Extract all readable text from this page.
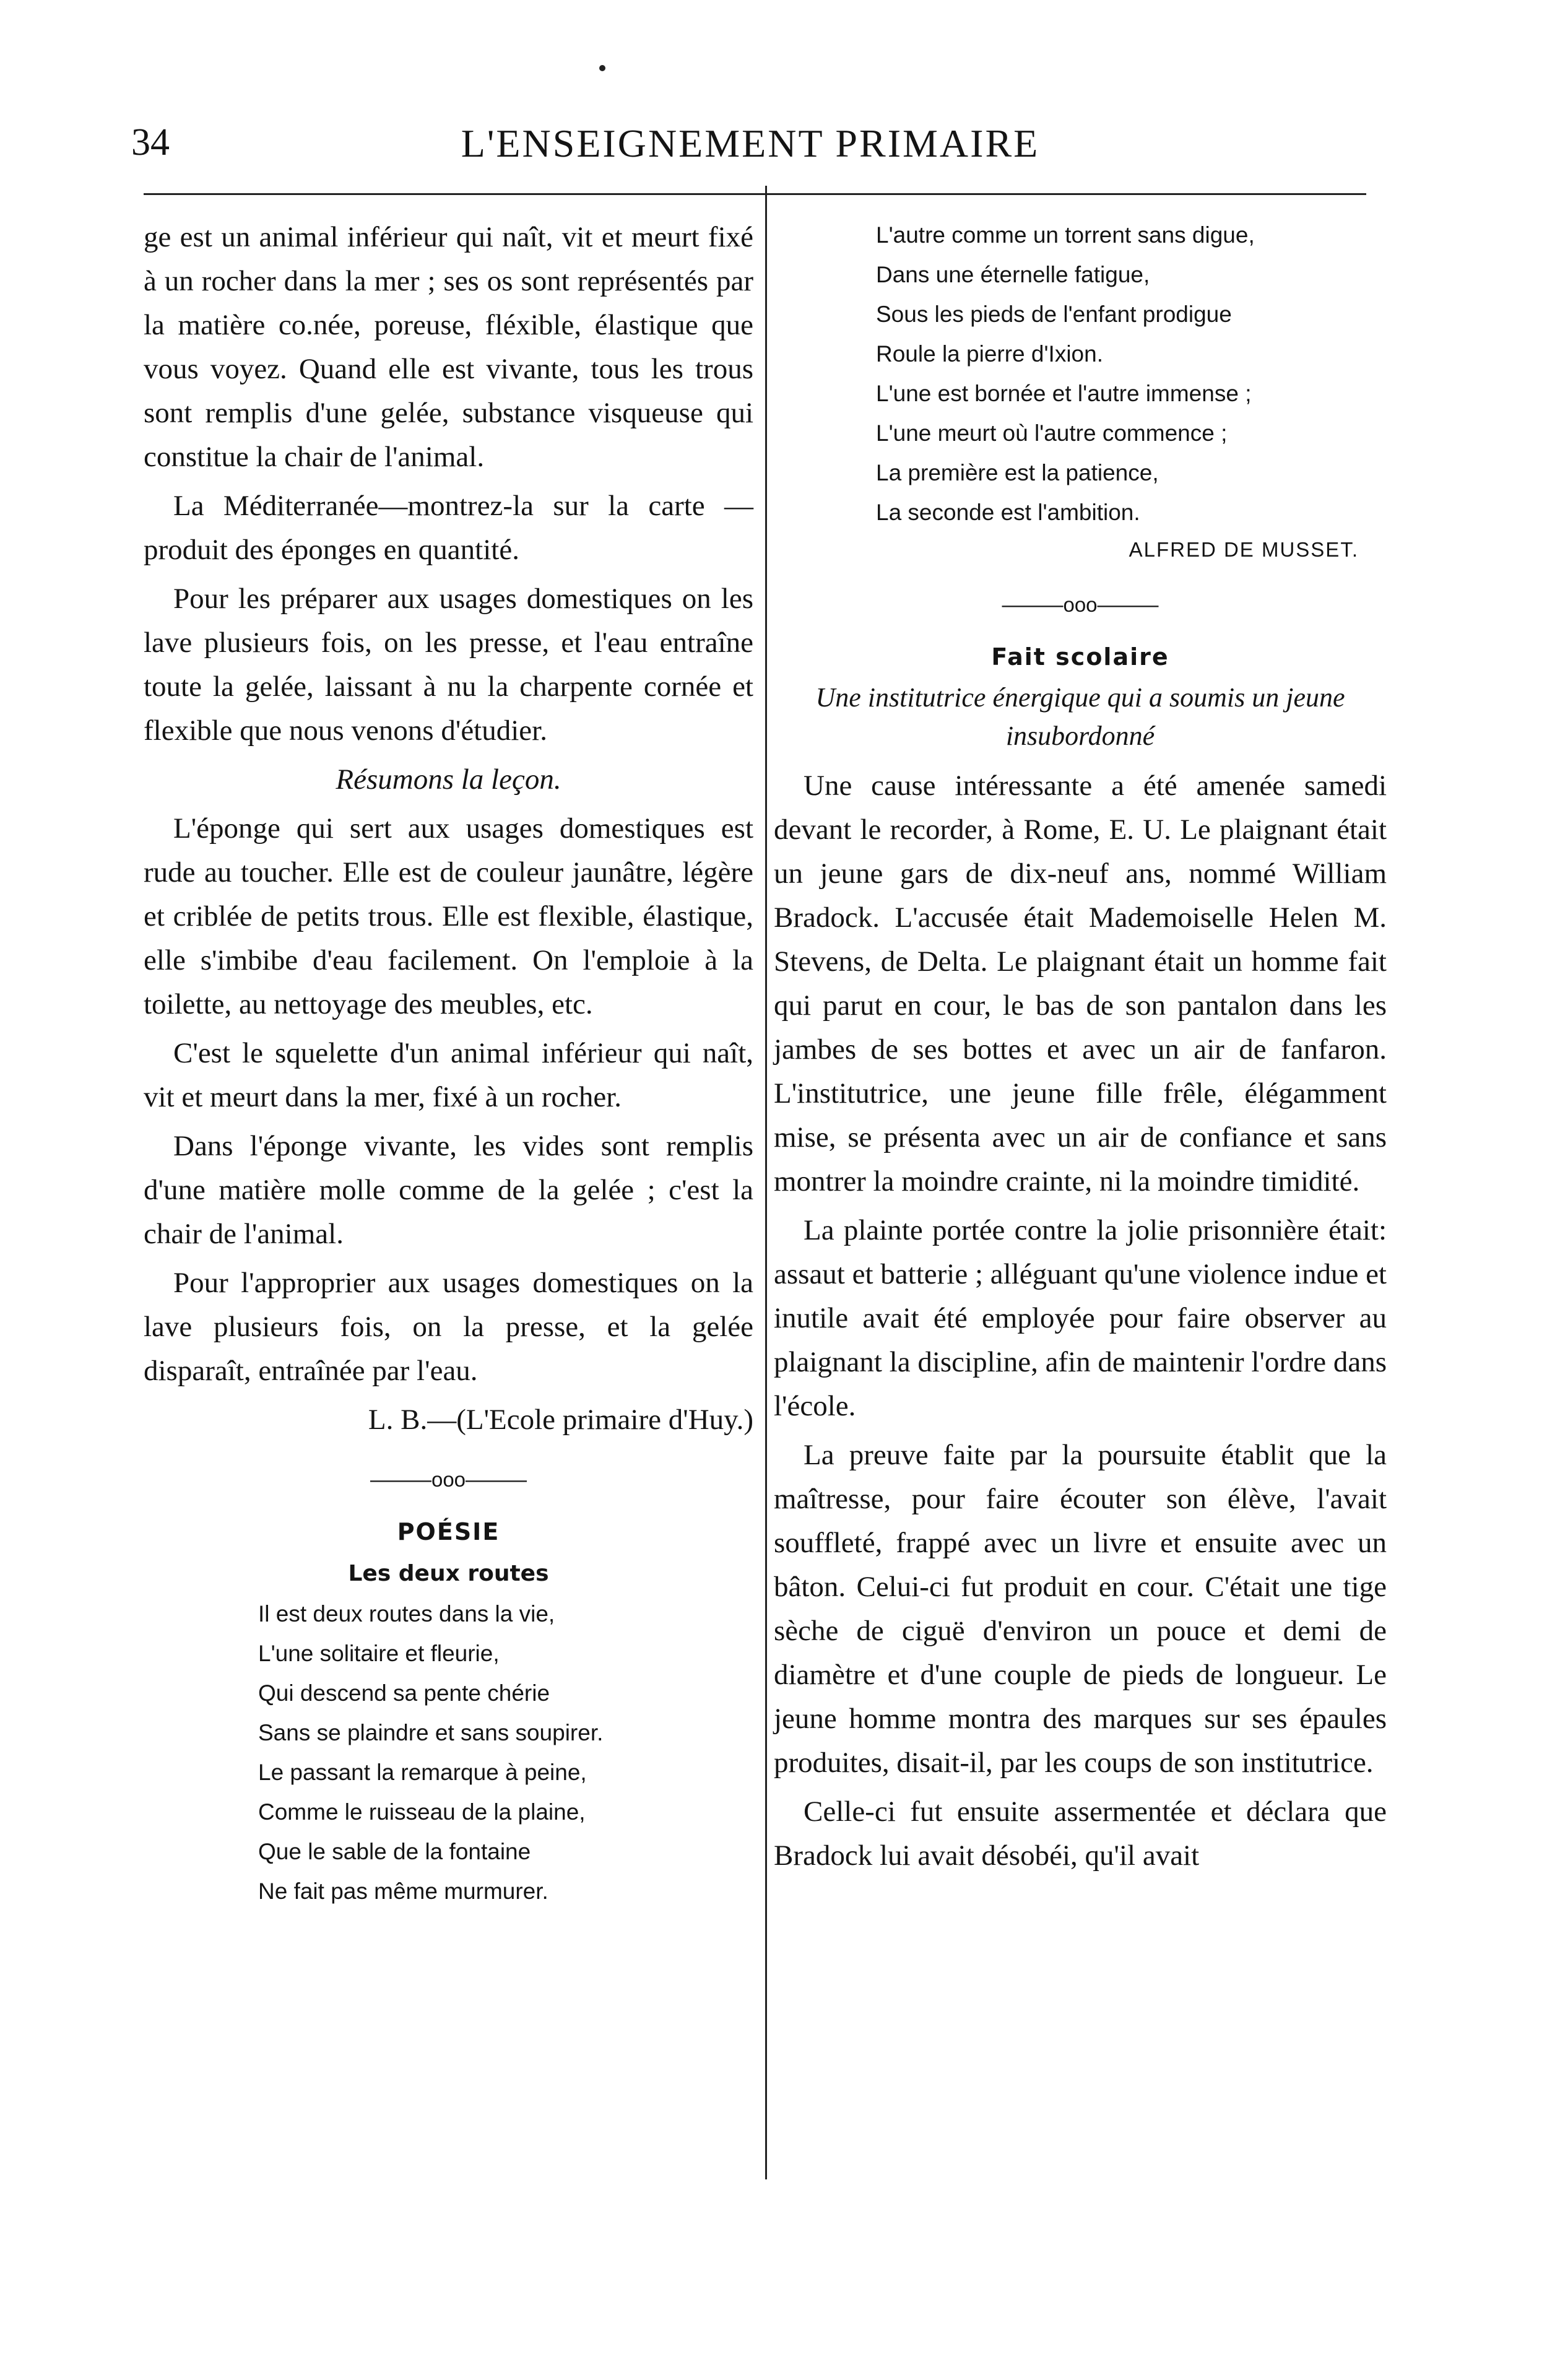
34	L'ENSEIGNEMENT PRIMAIRE

ge est un animal inférieur qui naît, vit et meurt fixé à un rocher dans la mer ; ses os sont représentés par la matière co.née, poreuse, fléxible, élastique que vous voyez. Quand elle est vivante, tous les trous sont remplis d'une gelée, substance visqueuse qui constitue la chair de l'animal.

La Méditerranée—montrez-la sur la carte —produit des éponges en quantité.

Pour les préparer aux usages domestiques on les lave plusieurs fois, on les presse, et l'eau entraîne toute la gelée, laissant à nu la charpente cornée et flexible que nous venons d'étudier.

Résumons la leçon.

L'éponge qui sert aux usages domestiques est rude au toucher. Elle est de couleur jaunâtre, légère et criblée de petits trous. Elle est flexible, élastique, elle s'imbibe d'eau facilement. On l'emploie à la toilette, au nettoyage des meubles, etc.

C'est le squelette d'un animal inférieur qui naît, vit et meurt dans la mer, fixé à un rocher.

Dans l'éponge vivante, les vides sont remplis d'une matière molle comme de la gelée ; c'est la chair de l'animal.

Pour l'approprier aux usages domestiques on la lave plusieurs fois, on la presse, et la gelée disparaît, entraînée par l'eau.

L. B.—(L'Ecole primaire d'Huy.)

———ooo———
POÉSIE
Les deux routes
Il est deux routes dans la vie,
L'une solitaire et fleurie,
Qui descend sa pente chérie
Sans se plaindre et sans soupirer.
Le passant la remarque à peine,
Comme le ruisseau de la plaine,
Que le sable de la fontaine
Ne fait pas même murmurer.
L'autre comme un torrent sans digue,
Dans une éternelle fatigue,
Sous les pieds de l'enfant prodigue
Roule la pierre d'Ixion.
L'une est bornée et l'autre immense ;
L'une meurt où l'autre commence ;
La première est la patience,
La seconde est l'ambition.
ALFRED DE MUSSET.
———ooo———
Fait scolaire
Une institutrice énergique qui a soumis un jeune insubordonné

Une cause intéressante a été amenée samedi devant le recorder, à Rome, E. U. Le plaignant était un jeune gars de dix-neuf ans, nommé William Bradock. L'accusée était Mademoiselle Helen M. Stevens, de Delta. Le plaignant était un homme fait qui parut en cour, le bas de son pantalon dans les jambes de ses bottes et avec un air de fanfaron. L'institutrice, une jeune fille frêle, élégamment mise, se présenta avec un air de confiance et sans montrer la moindre crainte, ni la moindre timidité.

La plainte portée contre la jolie prisonnière était: assaut et batterie ; alléguant qu'une violence indue et inutile avait été employée pour faire observer au plaignant la discipline, afin de maintenir l'ordre dans l'école.

La preuve faite par la poursuite établit que la maîtresse, pour faire écouter son élève, l'avait souffleté, frappé avec un livre et ensuite avec un bâton. Celui-ci fut produit en cour. C'était une tige sèche de ciguë d'environ un pouce et demi de diamètre et d'une couple de pieds de longueur. Le jeune homme montra des marques sur ses épaules produites, disait-il, par les coups de son institutrice.

Celle-ci fut ensuite assermentée et déclara que Bradock lui avait désobéi, qu'il avait
